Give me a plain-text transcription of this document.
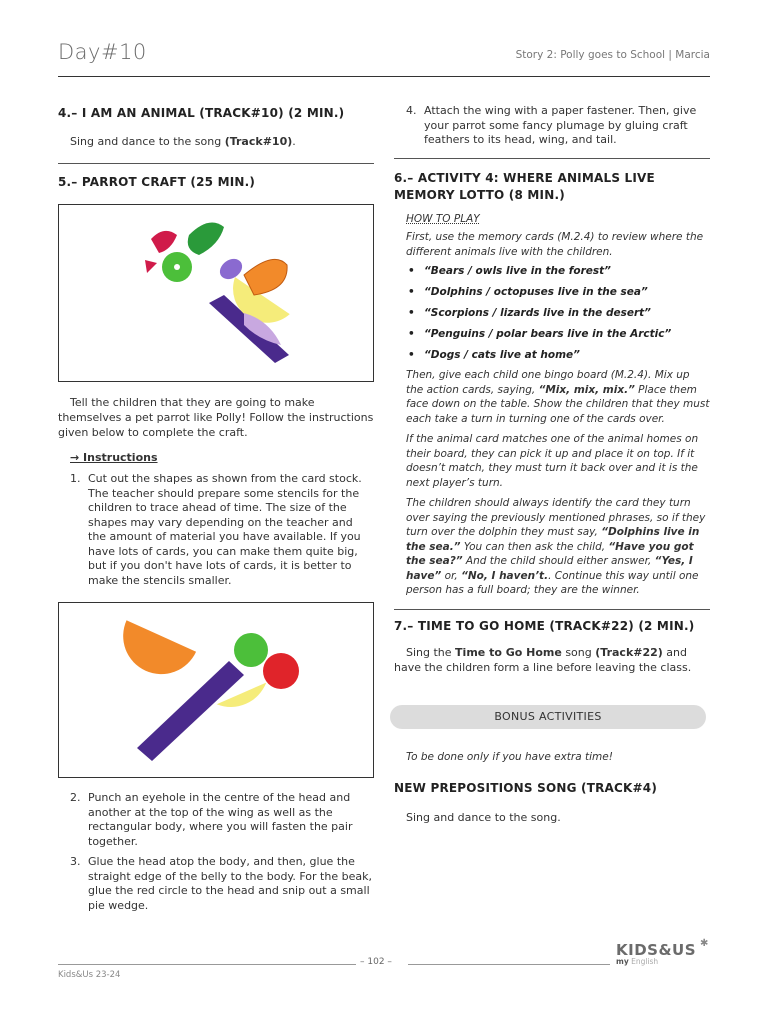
Day#10	Story 2: Polly goes to School | Marcia
4.– I AM AN ANIMAL (TRACK#10) (2 MIN.)

Sing and dance to the song (Track#10).

5.– PARROT CRAFT (25 MIN.)

Tell the children that they are going to make themselves a pet parrot like Polly! Follow the instructions given below to complete the craft.

→ Instructions
1. Cut out the shapes as shown from the card stock. The teacher should prepare some stencils for the children to trace ahead of time. The size of the shapes may vary depending on the teacher and the amount of material you have available. If you have lots of cards, you can make them quite big, but if you don't have lots of cards, it is better to make the stencils smaller.
2. Punch an eyehole in the centre of the head and another at the top of the wing as well as the rectangular body, where you will fasten the pair together.
3. Glue the head atop the body, and then, glue the straight edge of the belly to the body. For the beak, glue the red circle to the head and snip out a small pie wedge.
4. Attach the wing with a paper fastener. Then, give your parrot some fancy plumage by gluing craft feathers to its head, wing, and tail.
6.– ACTIVITY 4: WHERE ANIMALS LIVE MEMORY LOTTO (8 MIN.)
HOW TO PLAY

First, use the memory cards (M.2.4) to review where the different animals live with the children.

• “Bears / owls live in the forest”
• “Dolphins / octopuses live in the sea”
• “Scorpions / lizards live in the desert”
• “Penguins / polar bears live in the Arctic”
• “Dogs / cats live at home”

Then, give each child one bingo board (M.2.4). Mix up the action cards, saying, “Mix, mix, mix.” Place them face down on the table. Show the children that they must each take a turn in turning one of the cards over.

If the animal card matches one of the animal homes on their board, they can pick it up and place it on top. If it doesn’t match, they must turn it back over and it is the next player’s turn.

The children should always identify the card they turn over saying the previously mentioned phrases, so if they turn over the dolphin they must say, “Dolphins live in the sea.” You can then ask the child, “Have you got the sea?” And the child should either answer, “Yes, I have” or, “No, I haven’t.. Continue this way until one person has a full board; they are the winner.

7.– TIME TO GO HOME (TRACK#22) (2 MIN.)

Sing the Time to Go Home song (Track#22) and have the children form a line before leaving the class.

BONUS ACTIVITIES
To be done only if you have extra time!
NEW PREPOSITIONS SONG (TRACK#4)
Sing and dance to the song.
– 102 –
Kids&Us 23-24
KIDS&US
my English
✱
